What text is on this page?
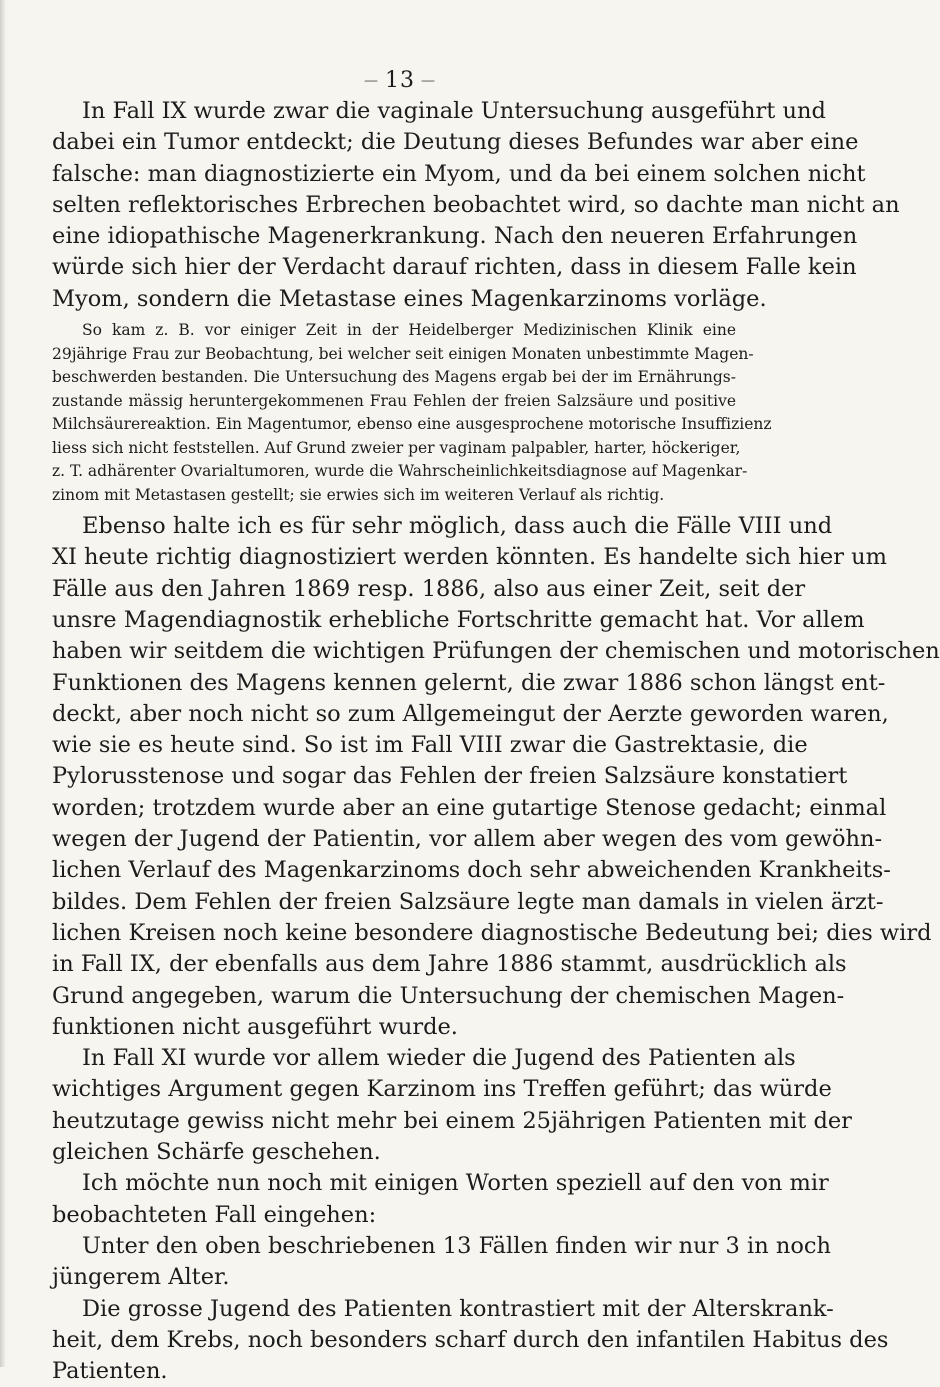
— 13 —
In Fall IX wurde zwar die vaginale Untersuchung ausgeführt und
dabei ein Tumor entdeckt; die Deutung dieses Befundes war aber eine
falsche: man diagnostizierte ein Myom, und da bei einem solchen nicht
selten reflektorisches Erbrechen beobachtet wird, so dachte man nicht an
eine idiopathische Magenerkrankung. Nach den neueren Erfahrungen
würde sich hier der Verdacht darauf richten, dass in diesem Falle kein
Myom, sondern die Metastase eines Magenkarzinoms vorläge.
So kam z. B. vor einiger Zeit in der Heidelberger Medizinischen Klinik eine
29jährige Frau zur Beobachtung, bei welcher seit einigen Monaten unbestimmte Magen-
beschwerden bestanden. Die Untersuchung des Magens ergab bei der im Ernährungs-
zustande mässig heruntergekommenen Frau Fehlen der freien Salzsäure und positive
Milchsäurereaktion. Ein Magentumor, ebenso eine ausgesprochene motorische Insuffizienz
liess sich nicht feststellen. Auf Grund zweier per vaginam palpabler, harter, höckeriger,
z. T. adhärenter Ovarialtumoren, wurde die Wahrscheinlichkeitsdiagnose auf Magenkar-
zinom mit Metastasen gestellt; sie erwies sich im weiteren Verlauf als richtig.
Ebenso halte ich es für sehr möglich, dass auch die Fälle VIII und
XI heute richtig diagnostiziert werden könnten. Es handelte sich hier um
Fälle aus den Jahren 1869 resp. 1886, also aus einer Zeit, seit der
unsre Magendiagnostik erhebliche Fortschritte gemacht hat. Vor allem
haben wir seitdem die wichtigen Prüfungen der chemischen und motorischen
Funktionen des Magens kennen gelernt, die zwar 1886 schon längst ent-
deckt, aber noch nicht so zum Allgemeingut der Aerzte geworden waren,
wie sie es heute sind. So ist im Fall VIII zwar die Gastrektasie, die
Pylorusstenose und sogar das Fehlen der freien Salzsäure konstatiert
worden; trotzdem wurde aber an eine gutartige Stenose gedacht; einmal
wegen der Jugend der Patientin, vor allem aber wegen des vom gewöhn-
lichen Verlauf des Magenkarzinoms doch sehr abweichenden Krankheits-
bildes. Dem Fehlen der freien Salzsäure legte man damals in vielen ärzt-
lichen Kreisen noch keine besondere diagnostische Bedeutung bei; dies wird
in Fall IX, der ebenfalls aus dem Jahre 1886 stammt, ausdrücklich als
Grund angegeben, warum die Untersuchung der chemischen Magen-
funktionen nicht ausgeführt wurde.
In Fall XI wurde vor allem wieder die Jugend des Patienten als
wichtiges Argument gegen Karzinom ins Treffen geführt; das würde
heutzutage gewiss nicht mehr bei einem 25jährigen Patienten mit der
gleichen Schärfe geschehen.
Ich möchte nun noch mit einigen Worten speziell auf den von mir
beobachteten Fall eingehen:
Unter den oben beschriebenen 13 Fällen finden wir nur 3 in noch
jüngerem Alter.
Die grosse Jugend des Patienten kontrastiert mit der Alterskrank-
heit, dem Krebs, noch besonders scharf durch den infantilen Habitus des
Patienten.
